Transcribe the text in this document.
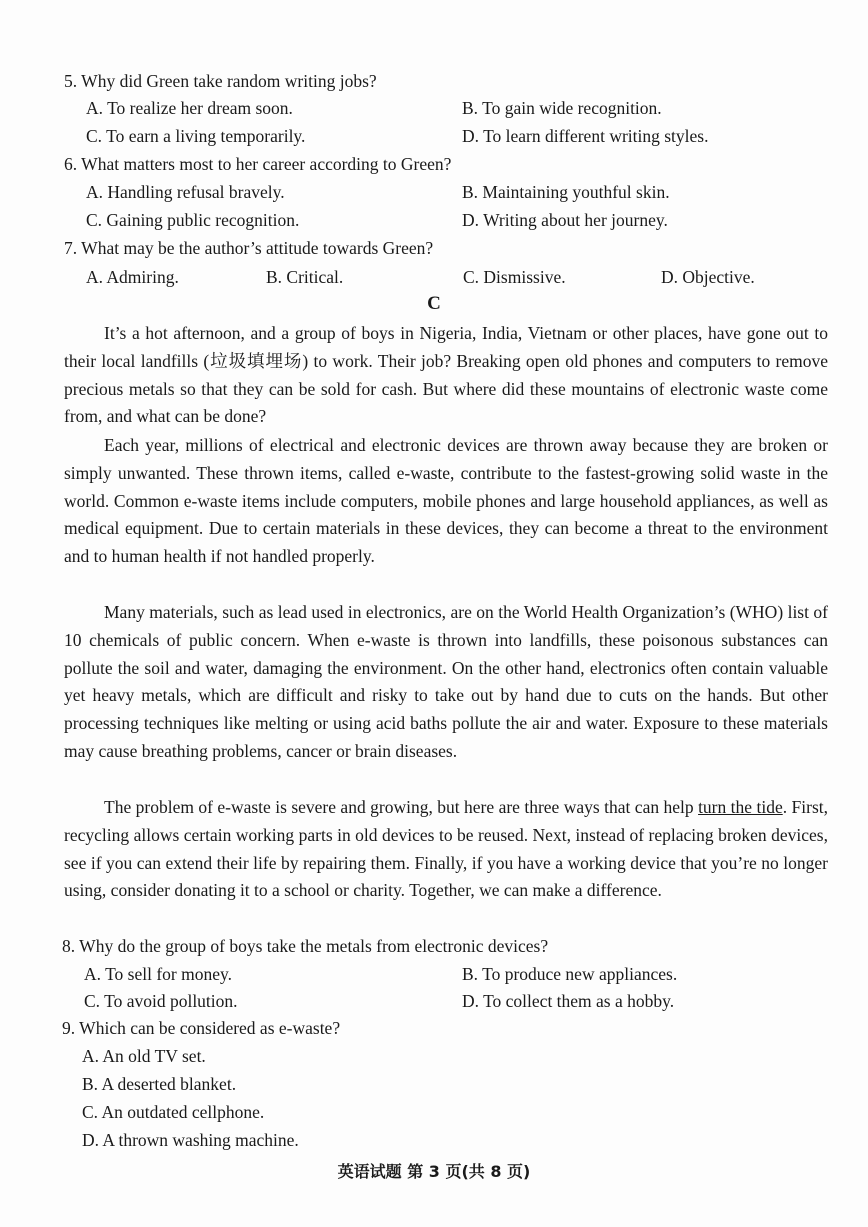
5. Why did Green take random writing jobs?
A. To realize her dream soon.	B. To gain wide recognition.
C. To earn a living temporarily.	D. To learn different writing styles.
6. What matters most to her career according to Green?
A. Handling refusal bravely.	B. Maintaining youthful skin.
C. Gaining public recognition.	D. Writing about her journey.
7. What may be the author’s attitude towards Green?
A. Admiring.	B. Critical.	C. Dismissive.	D. Objective.
C

It’s a hot afternoon, and a group of boys in Nigeria, India, Vietnam or other places, have gone out to their local landfills (垃圾填埋场) to work. Their job? Breaking open old phones and computers to remove precious metals so that they can be sold for cash. But where did these mountains of electronic waste come from, and what can be done?

Each year, millions of electrical and electronic devices are thrown away because they are broken or simply unwanted. These thrown items, called e-waste, contribute to the fastest-growing solid waste in the world. Common e-waste items include computers, mobile phones and large household appliances, as well as medical equipment. Due to certain materials in these devices, they can become a threat to the environment and to human health if not handled properly.

Many materials, such as lead used in electronics, are on the World Health Organization’s (WHO) list of 10 chemicals of public concern. When e-waste is thrown into landfills, these poisonous substances can pollute the soil and water, damaging the environment. On the other hand, electronics often contain valuable yet heavy metals, which are difficult and risky to take out by hand due to cuts on the hands. But other processing techniques like melting or using acid baths pollute the air and water. Exposure to these materials may cause breathing problems, cancer or brain diseases.

The problem of e-waste is severe and growing, but here are three ways that can help turn the tide. First, recycling allows certain working parts in old devices to be reused. Next, instead of replacing broken devices, see if you can extend their life by repairing them. Finally, if you have a working device that you’re no longer using, consider donating it to a school or charity. Together, we can make a difference.

8. Why do the group of boys take the metals from electronic devices?
A. To sell for money.	B. To produce new appliances.
C. To avoid pollution.	D. To collect them as a hobby.
9. Which can be considered as e-waste?
A. An old TV set.
B. A deserted blanket.
C. An outdated cellphone.
D. A thrown washing machine.
英语试题 第 3 页(共 8 页)
